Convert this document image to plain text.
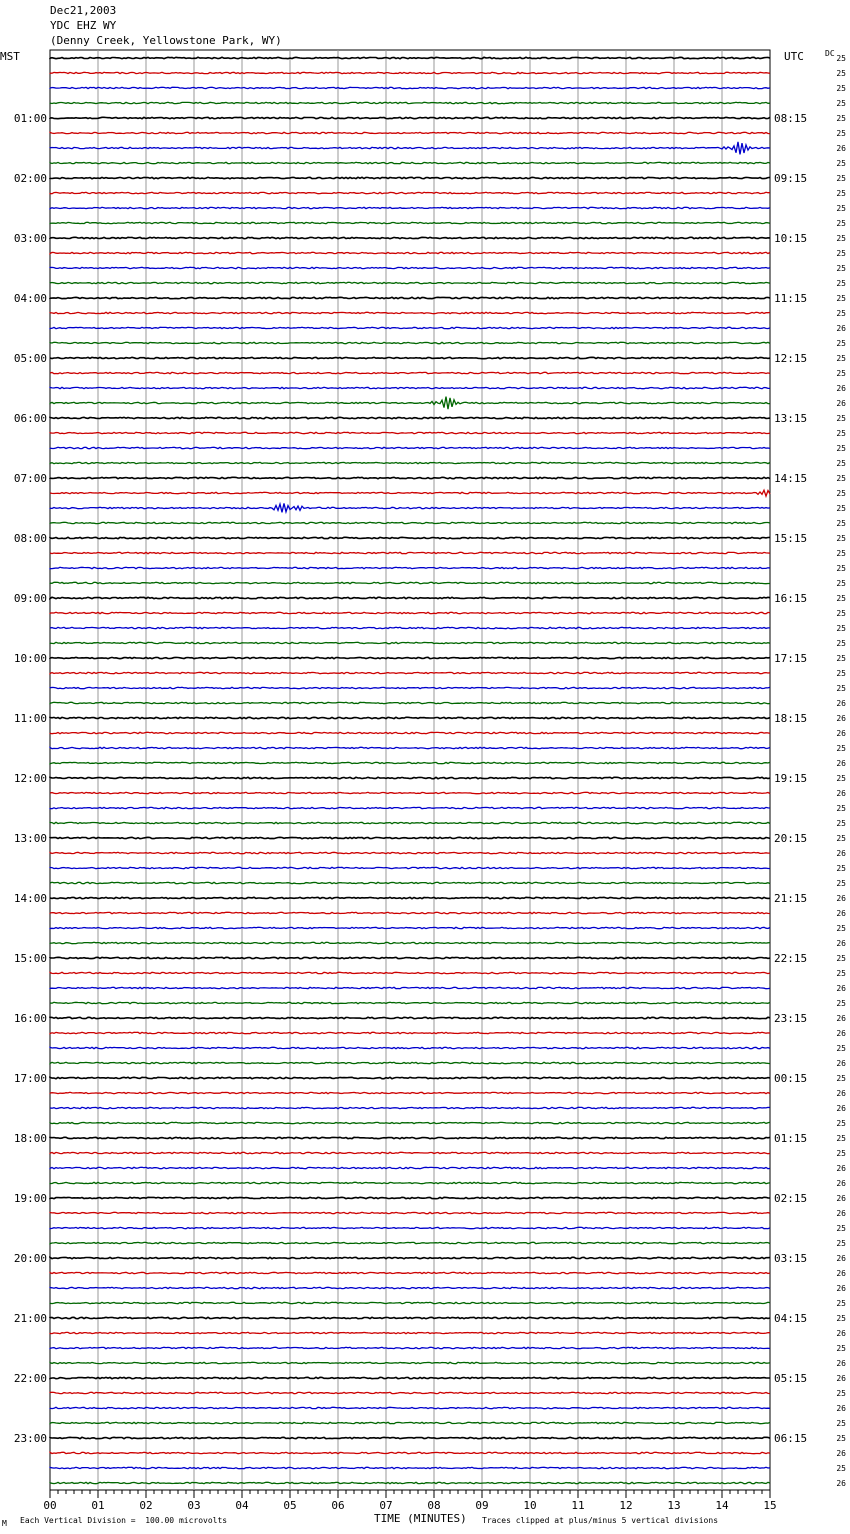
Dec21,2003
YDC EHZ WY
(Denny Creek, Yellowstone Park, WY)
MST	UTC	DC
25
25
25
25
25
25
26
25
25
25
25
25
25
25
25
25
25
25
26
25
25
25
26
26
25
25
25
25
25
25
25
25
25
25
25
25
25
25
25
25
25
25
25
26
26
26
25
26
25
26
25
25
25
26
25
25
26
26
25
26
25
25
26
25
26
26
25
26
25
26
26
25
25
25
26
26
26
26
25
25
26
26
26
25
25
26
25
26
26
25
26
25
25
26
25
26
01:00
02:00
03:00
04:00
05:00
06:00
07:00
08:00
09:00
10:00
11:00
12:00
13:00
14:00
15:00
16:00
17:00
18:00
19:00
20:00
21:00
22:00
23:00
08:15
09:15
10:15
11:15
12:15
13:15
14:15
15:15
16:15
17:15
18:15
19:15
20:15
21:15
22:15
23:15
00:15
01:15
02:15
03:15
04:15
05:15
06:15
00	01	02	03	04	05	06	07	08	09	10	11	12	13	14	15
M Each Vertical Division =  100.00 microvolts	TIME (MINUTES) Traces clipped at plus/minus 5 vertical divisions
